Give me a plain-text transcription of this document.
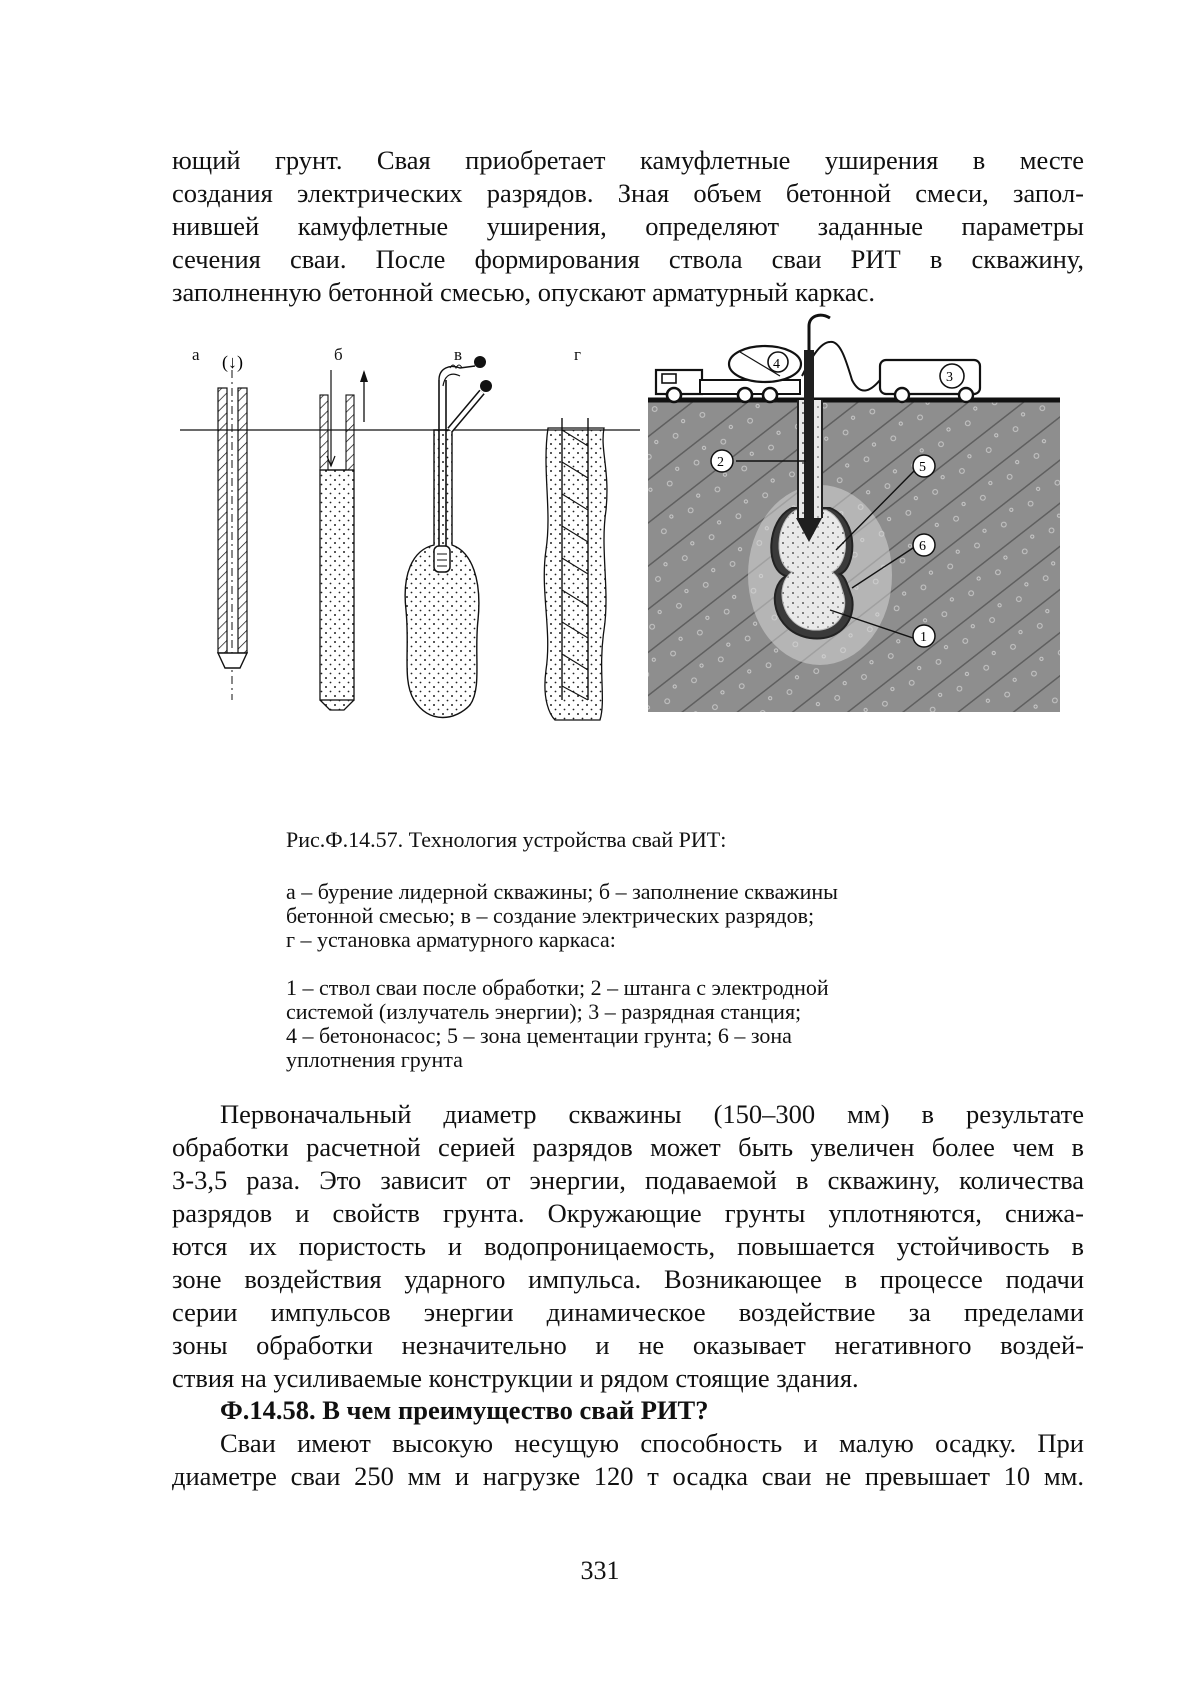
ющий грунт. Свая приобретает камуфлетные уширения в месте
создания электрических разрядов. Зная объем бетонной смеси, запол-
нившей камуфлетные уширения, определяют заданные параметры
сечения сваи. После формирования ствола сваи РИТ в скважину,
заполненную бетонной смесью, опускают арматурный каркас.
а	б	в	г
(↓)	4
3
2	5
6
1
Рис.Ф.14.57. Технология устройства свай РИТ:
а – бурение лидерной скважины; б – заполнение скважины
бетонной смесью; в – создание электрических разрядов;
г – установка арматурного каркаса:
1 – ствол сваи после обработки; 2 – штанга с электродной
системой (излучатель энергии); 3 – разрядная станция;
4 – бетононасос; 5 – зона цементации грунта; 6 – зона
уплотнения грунта
Первоначальный диаметр скважины (150–300 мм) в результате
обработки расчетной серией разрядов может быть увеличен более чем в
3-3,5 раза. Это зависит от энергии, подаваемой в скважину, количества
разрядов и свойств грунта. Окружающие грунты уплотняются, снижа-
ются их пористость и водопроницаемость, повышается устойчивость в
зоне воздействия ударного импульса. Возникающее в процессе подачи
серии импульсов энергии динамическое воздействие за пределами
зоны обработки незначительно и не оказывает негативного воздей-
ствия на усиливаемые конструкции и рядом стоящие здания.
Ф.14.58. В чем преимущество свай РИТ?
Сваи имеют высокую несущую способность и малую осадку. При
диаметре сваи 250 мм и нагрузке 120 т осадка сваи не превышает 10 мм.
331
